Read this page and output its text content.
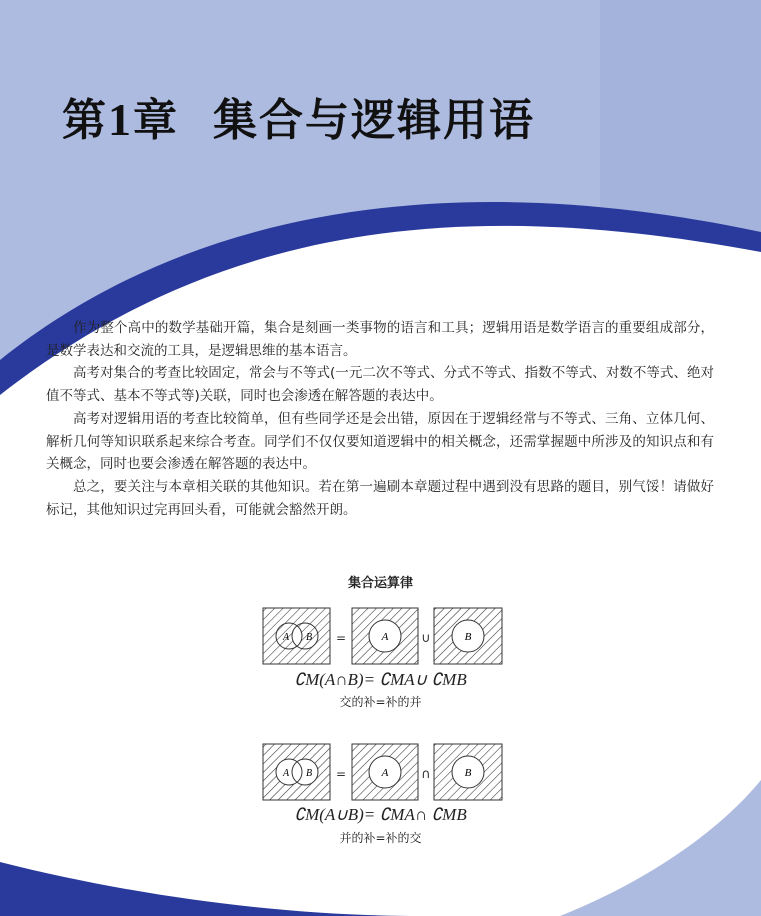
第1章 集合与逻辑用语

作为整个高中的数学基础开篇，集合是刻画一类事物的语言和工具；逻辑用语是数学语言的重要组成部分，是数学表达和交流的工具，是逻辑思维的基本语言。

高考对集合的考查比较固定，常会与不等式(一元二次不等式、分式不等式、指数不等式、对数不等式、绝对值不等式、基本不等式等)关联，同时也会渗透在解答题的表达中。

高考对逻辑用语的考查比较简单，但有些同学还是会出错，原因在于逻辑经常与不等式、三角、立体几何、解析几何等知识联系起来综合考查。同学们不仅仅要知道逻辑中的相关概念，还需掌握题中所涉及的知识点和有关概念，同时也要会渗透在解答题的表达中。

总之，要关注与本章相关联的其他知识。若在第一遍刷本章题过程中遇到没有思路的题目，别气馁！请做好标记，其他知识过完再回头看，可能就会豁然开朗。

集合运算律
A B =	A	∪	B
A B =	A	∩	B
∁M(A∩B)= ∁MA∪ ∁MB
交的补=补的并
∁M(A∪B)= ∁MA∩ ∁MB
并的补=补的交
